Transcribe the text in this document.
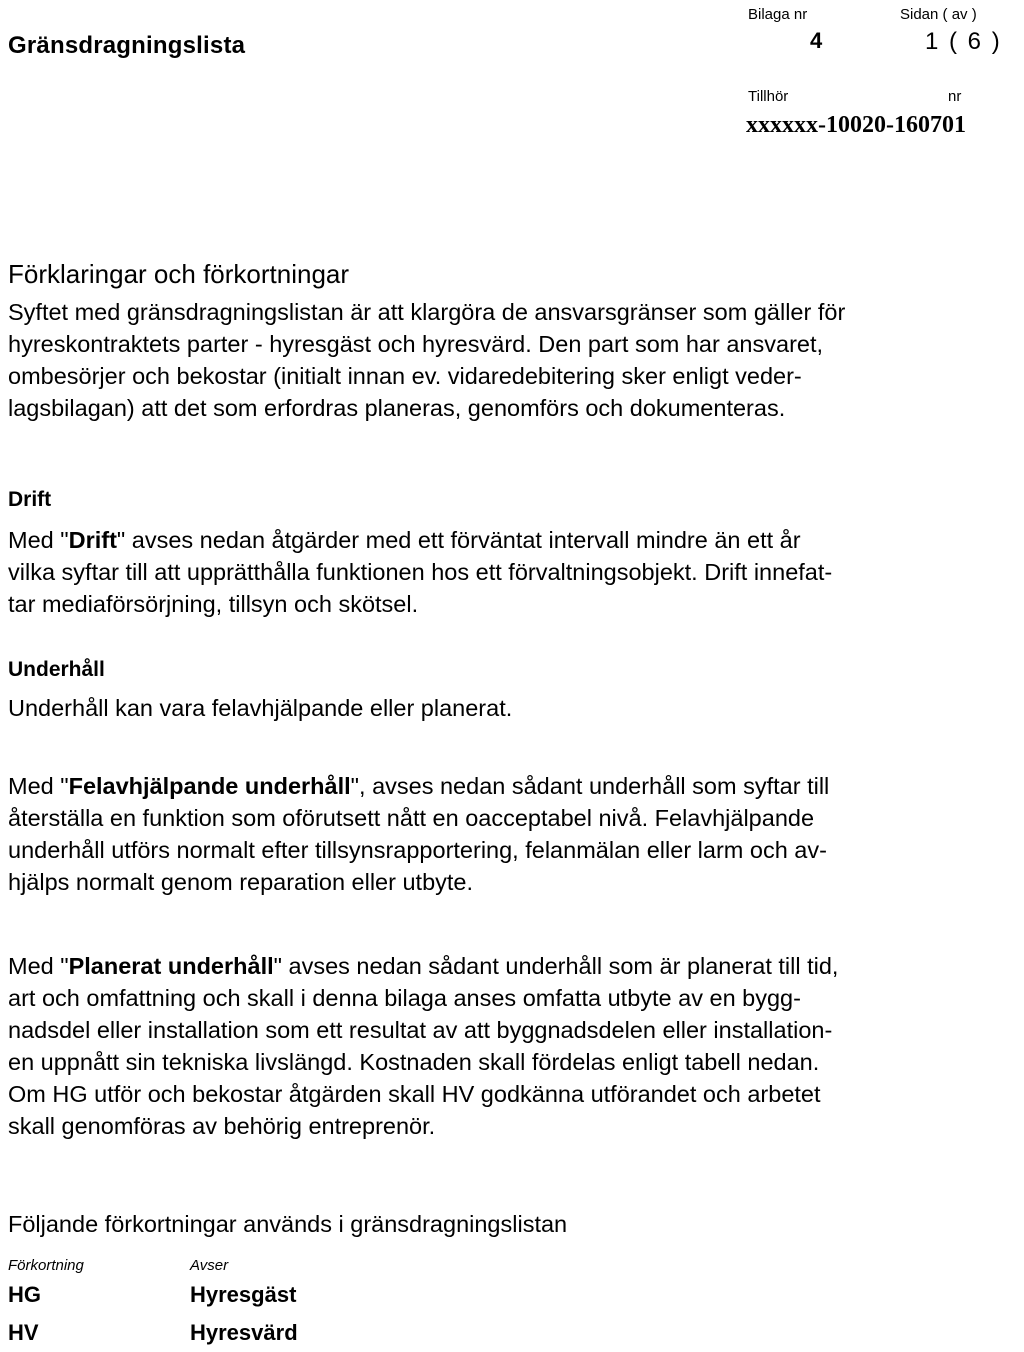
Gränsdragningslista
Bilaga nr	Sidan ( av )
4	1 ( 6 )
Tillhör	nr
xxxxxx-10020-160701
Förklaringar och förkortningar

Syftet med gränsdragningslistan är att klargöra de ansvarsgränser som gäller för

hyreskontraktets parter - hyresgäst och hyresvärd. Den part som har ansvaret,

ombesörjer och bekostar (initialt innan ev. vidaredebitering sker enligt veder-

lagsbilagan) att det som erfordras planeras, genomförs och dokumenteras.

Drift

Med "Drift" avses nedan åtgärder med ett förväntat intervall mindre än ett år

vilka syftar till att upprätthålla funktionen hos ett förvaltningsobjekt. Drift innefat-

tar mediaförsörjning, tillsyn och skötsel.

Underhåll

Underhåll kan vara felavhjälpande eller planerat.

Med "Felavhjälpande underhåll", avses nedan sådant underhåll som syftar till

återställa en funktion som oförutsett nått en oacceptabel nivå. Felavhjälpande

underhåll utförs normalt efter tillsynsrapportering, felanmälan eller larm och av-

hjälps normalt genom reparation eller utbyte.

Med "Planerat underhåll" avses nedan sådant underhåll som är planerat till tid,

art och omfattning och skall i denna bilaga anses omfatta utbyte av en bygg-

nadsdel eller installation som ett resultat av att byggnadsdelen eller installation-

en uppnått sin tekniska livslängd. Kostnaden skall fördelas enligt tabell nedan.

Om HG utför och bekostar åtgärden skall HV godkänna utförandet och arbetet

skall genomföras av behörig entreprenör.

Följande förkortningar används i gränsdragningslistan
Förkortning	Avser
HG	Hyresgäst
HV	Hyresvärd
